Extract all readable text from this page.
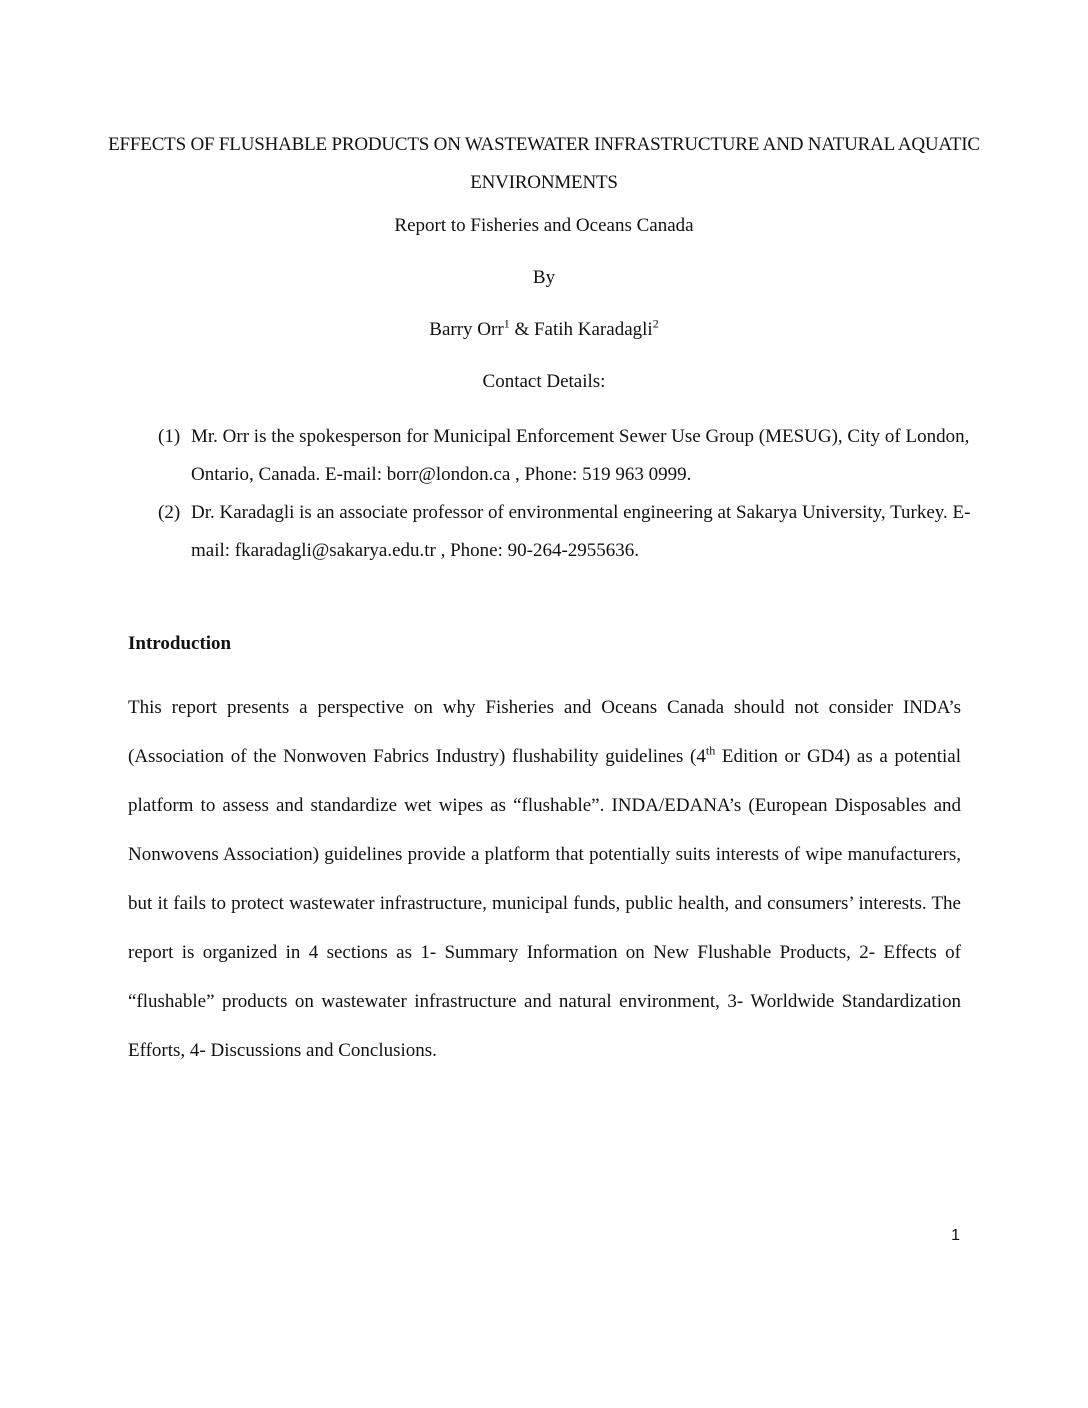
EFFECTS OF FLUSHABLE PRODUCTS ON WASTEWATER INFRASTRUCTURE AND NATURAL AQUATIC ENVIRONMENTS
Report to Fisheries and Oceans Canada
By
Barry Orr$^1$ & Fatih Karadagli$^2$
Contact Details:
(1) Mr. Orr is the spokesperson for Municipal Enforcement Sewer Use Group (MESUG), City of London, Ontario, Canada. E-mail: borr@london.ca , Phone: 519 963 0999.
(2) Dr. Karadagli is an associate professor of environmental engineering at Sakarya University, Turkey. E-mail: fkaradagli@sakarya.edu.tr , Phone: 90-264-2955636.
Introduction

This report presents a perspective on why Fisheries and Oceans Canada should not consider INDA’s (Association of the Nonwoven Fabrics Industry) flushability guidelines (4th Edition or GD4) as a potential platform to assess and standardize wet wipes as “flushable”. INDA/EDANA’s (European Disposables and Nonwovens Association) guidelines provide a platform that potentially suits interests of wipe manufacturers, but it fails to protect wastewater infrastructure, municipal funds, public health, and consumers’ interests. The report is organized in 4 sections as 1- Summary Information on New Flushable Products, 2- Effects of “flushable” products on wastewater infrastructure and natural environment, 3- Worldwide Standardization Efforts, 4- Discussions and Conclusions.

1
